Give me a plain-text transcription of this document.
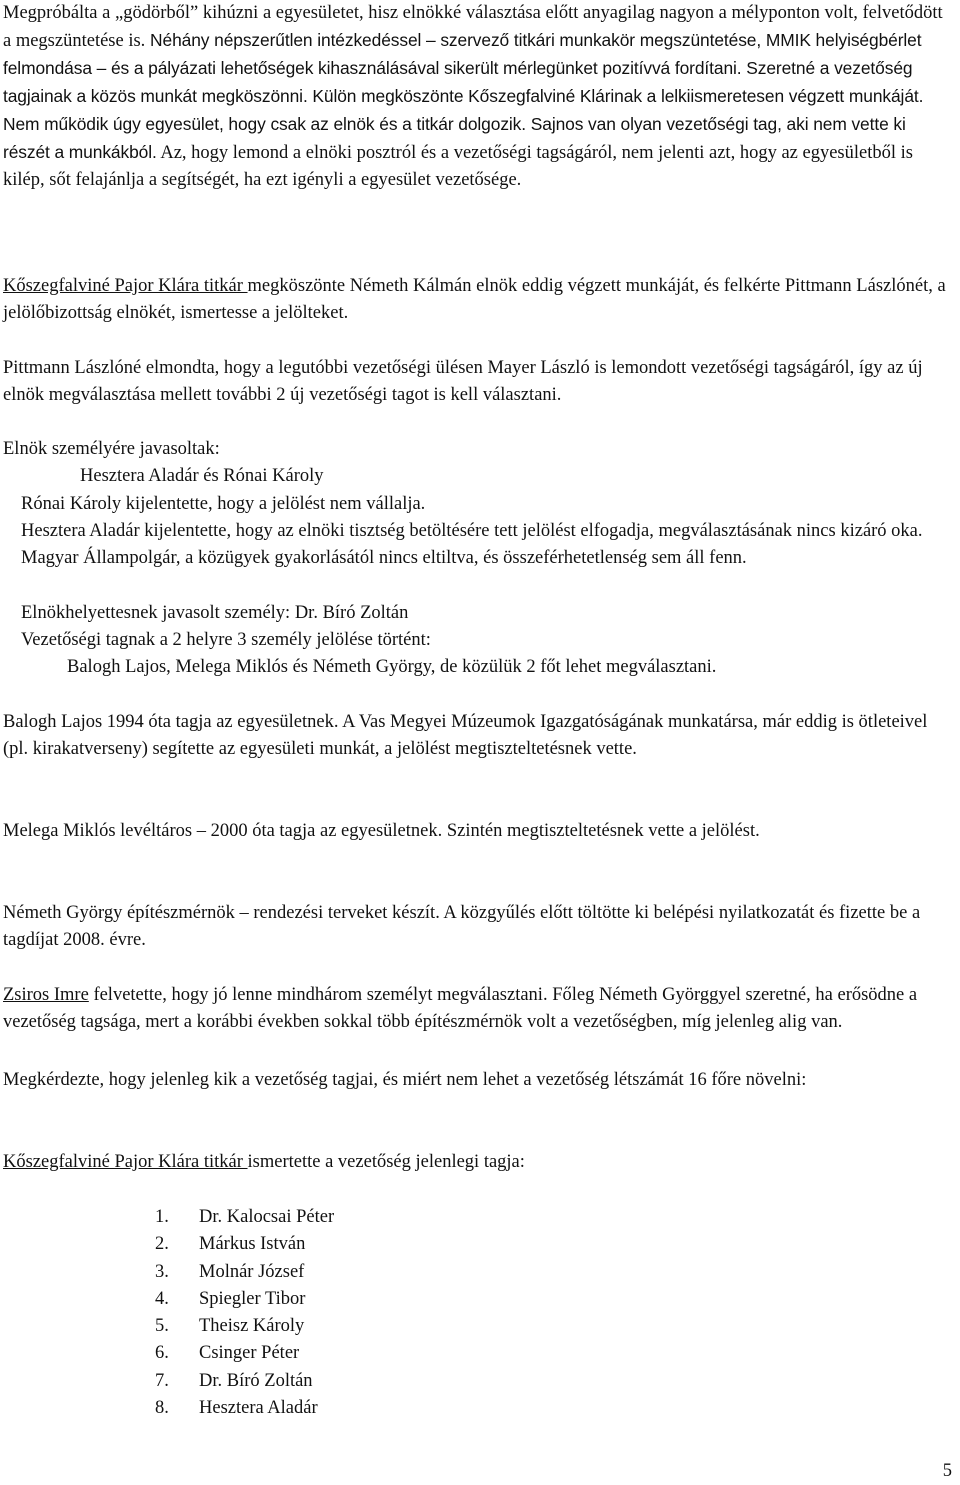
Megpróbálta a „gödörből” kihúzni a egyesületet, hisz elnökké választása előtt anyagilag nagyon a mélyponton volt, felvetődött a megszüntetése is. Néhány népszerűtlen intézkedéssel – szervező titkári munkakör megszüntetése, MMIK helyiségbérlet felmondása – és a pályázati lehetőségek kihasználásával sikerült mérlegünket pozitívvá fordítani. Szeretné a vezetőség tagjainak a közös munkát megköszönni. Külön megköszönte Kőszegfalviné Klárinak a lelkiismeretesen végzett munkáját. Nem működik úgy egyesület, hogy csak az elnök és a titkár dolgozik. Sajnos van olyan vezetőségi tag, aki nem vette ki részét a munkákból. Az, hogy lemond a elnöki posztról és a vezetőségi tagságáról, nem jelenti azt, hogy az egyesületből is kilép, sőt felajánlja a segítségét, ha ezt igényli a egyesület vezetősége.

Kőszegfalviné Pajor Klára titkár megköszönte Németh Kálmán elnök eddig végzett munkáját, és felkérte Pittmann Lászlónét, a jelölőbizottság elnökét, ismertesse a jelölteket.

Pittmann Lászlóné elmondta, hogy a legutóbbi vezetőségi ülésen Mayer László is lemondott vezetőségi tagságáról, így az új elnök megválasztása mellett további 2 új vezetőségi tagot is kell választani.

Elnök személyére javasoltak:

Hesztera Aladár és Rónai Károly

Rónai Károly kijelentette, hogy a jelölést nem vállalja.

Hesztera Aladár kijelentette, hogy az elnöki tisztség betöltésére tett jelölést elfogadja, megválasztásának nincs kizáró oka. Magyar Állampolgár, a közügyek gyakorlásától nincs eltiltva, és összeférhetetlenség sem áll fenn.

Elnökhelyettesnek javasolt személy: Dr. Bíró Zoltán

Vezetőségi tagnak a 2 helyre 3 személy jelölése történt:

Balogh Lajos, Melega Miklós és Németh György, de közülük 2 főt lehet megválasztani.

Balogh Lajos 1994 óta tagja az egyesületnek. A Vas Megyei Múzeumok Igazgatóságának munkatársa, már eddig is ötleteivel (pl. kirakatverseny) segítette az egyesületi munkát, a jelölést megtiszteltetésnek vette.

Melega Miklós levéltáros – 2000 óta tagja az egyesületnek. Szintén megtiszteltetésnek vette a jelölést.

Németh György építészmérnök – rendezési terveket készít. A közgyűlés előtt töltötte ki belépési nyilatkozatát és fizette be a tagdíjat 2008. évre.

Zsiros Imre felvetette, hogy jó lenne mindhárom személyt megválasztani. Főleg Németh Györggyel szeretné, ha erősödne a vezetőség tagsága, mert a korábbi években sokkal több építészmérnök volt a vezetőségben, míg jelenleg alig van.

Megkérdezte, hogy jelenleg kik a vezetőség tagjai, és miért nem lehet a vezetőség létszámát 16 főre növelni:

Kőszegfalviné Pajor Klára titkár ismertette a vezetőség jelenlegi tagja:

1. Dr. Kalocsai Péter
2. Márkus István
3. Molnár József
4. Spiegler Tibor
5. Theisz Károly
6. Csinger Péter
7. Dr. Bíró Zoltán
8. Hesztera Aladár
5
